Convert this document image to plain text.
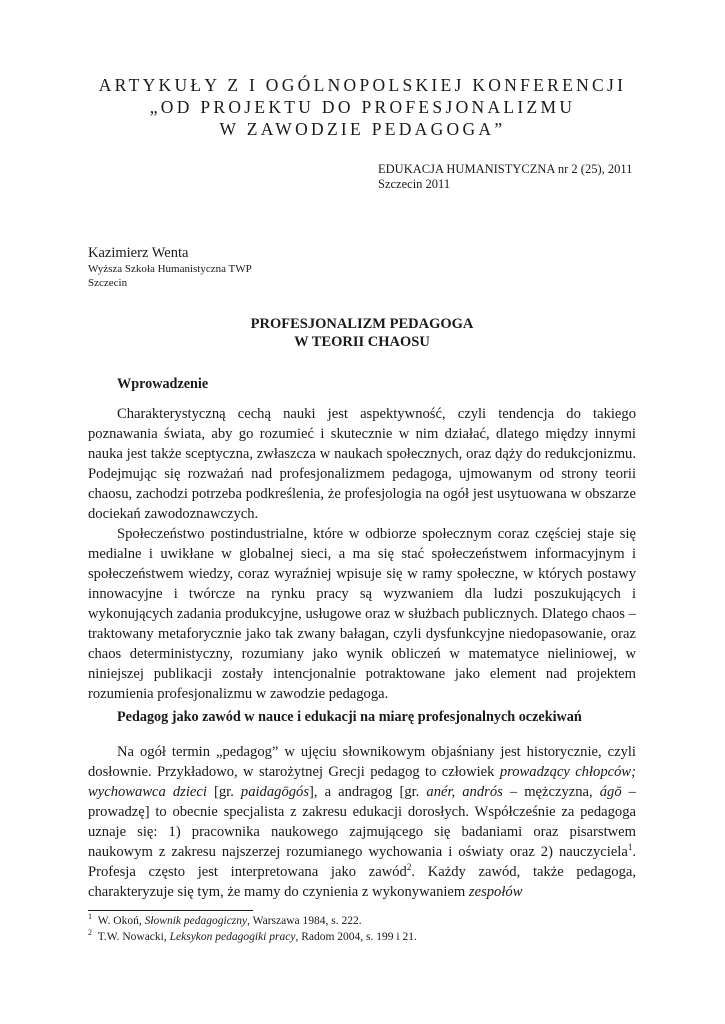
ARTYKUŁY Z I OGÓLNOPOLSKIEJ KONFERENCJI
„OD PROJEKTU DO PROFESJONALIZMU
W ZAWODZIE PEDAGOGA”
EDUKACJA HUMANISTYCZNA nr 2 (25), 2011
Szczecin 2011
Kazimierz Wenta
Wyższa Szkoła Humanistyczna TWP
Szczecin
PROFESJONALIZM PEDAGOGA
W TEORII CHAOSU
Wprowadzenie

Charakterystyczną cechą nauki jest aspektywność, czyli tendencja do takiego poznawania świata, aby go rozumieć i skutecznie w nim działać, dlatego między innymi nauka jest także sceptyczna, zwłaszcza w naukach społecznych, oraz dąży do redukcjonizmu. Podejmując się rozważań nad profesjonalizmem pedagoga, ujmowanym od strony teorii chaosu, zachodzi potrzeba podkreślenia, że profesjologia na ogół jest usytuowana w obszarze dociekań zawodoznawczych.

Społeczeństwo postindustrialne, które w odbiorze społecznym coraz częściej staje się medialne i uwikłane w globalnej sieci, a ma się stać społeczeństwem informacyjnym i społeczeństwem wiedzy, coraz wyraźniej wpisuje się w ramy społeczne, w których postawy innowacyjne i twórcze na rynku pracy są wyzwaniem dla ludzi poszukujących i wykonujących zadania produkcyjne, usługowe oraz w służbach publicznych. Dlatego chaos – traktowany metaforycznie jako tak zwany bałagan, czyli dysfunkcyjne niedopasowanie, oraz chaos deterministyczny, rozumiany jako wynik obliczeń w matematyce nieliniowej, w niniejszej publikacji zostały intencjonalnie potraktowane jako element nad projektem rozumienia profesjonalizmu w zawodzie pedagoga.

Pedagog jako zawód w nauce i edukacji na miarę profesjonalnych oczekiwań

Na ogół termin „pedagog” w ujęciu słownikowym objaśniany jest historycznie, czyli dosłownie. Przykładowo, w starożytnej Grecji pedagog to człowiek prowadzący chłopców; wychowawca dzieci [gr. paidagōgós], a andragog [gr. anér, andrós – mężczyzna, ágō – prowadzę] to obecnie specjalista z zakresu edukacji dorosłych. Współcześnie za pedagoga uznaje się: 1) pracownika naukowego zajmującego się badaniami oraz pisarstwem naukowym z zakresu najszerzej rozumianego wychowania i oświaty oraz 2) nauczyciela$^1$. Profesja często jest interpretowana jako zawód$^2$. Każdy zawód, także pedagoga, charakteryzuje się tym, że mamy do czynienia z wykonywaniem zespołów

$^1$ W. Okoń, Słownik pedagogiczny, Warszawa 1984, s. 222.
$^2$ T.W. Nowacki, Leksykon pedagogiki pracy, Radom 2004, s. 199 i 21.
